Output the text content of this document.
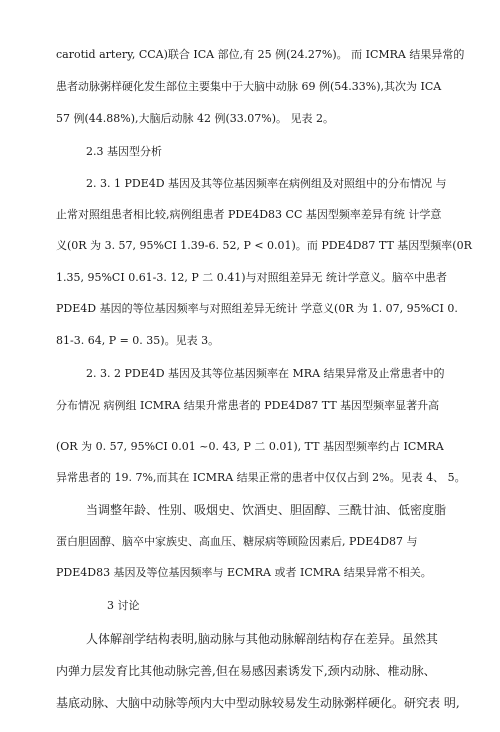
carotid artery, CCA)联合 ICA 部位,有 25 例(24.27%)。 而 ICMRA 结果异常的
患者动脉粥样硬化发生部位主要集中于大脑中动脉 69 例(54.33%),其次为 ICA
57 例(44.88%),大脑后动脉 42 例(33.07%)。 见表 2。
2.3 基因型分析
2. 3. 1 PDE4D 基因及其等位基因频率在病例组及对照组中的分布情况 与
止常对照组患者相比较,病例组患者 PDE4D83 CC 基因型频率差异有统 计学意
义(0R 为 3. 57, 95%CI 1.39-6. 52, P < 0.01)。而 PDE4D87 TT 基因型频率(0R
1.35, 95%CI 0.61-3. 12, P 二 0.41)与对照组差异无 统计学意义。脑卒中患者
PDE4D 基因的等位基因频率与对照组差异无统计 学意义(0R 为 1. 07, 95%CI 0.
81-3. 64, P = 0. 35)。见表 3。
2. 3. 2 PDE4D 基因及其等位基因频率在 MRA 结果异常及止常患者中的
分布情况 病例组 ICMRA 结果升常患者的 PDE4D87 TT 基因型频率显著升高
(OR 为 0. 57, 95%CI 0.01 ~0. 43, P 二 0.01), TT 基因型频率约占 ICMRA
异常患者的 19. 7%,而其在 ICMRA 结果正常的患者中仅仅占到 2%。见表 4、 5。
当调整年龄、性别、吸烟史、饮酒史、胆固醇、三酰廿油、低密度脂
蛋白胆固醇、脑卒中家族史、高血压、糖尿病等顾险因素后, PDE4D87 与
PDE4D83 基因及等位基因频率与 ECMRA 或者 ICMRA 结果异常不相关。
3 讨论
人体解剖学结构表明,脑动脉与其他动脉解剖结构存在差异。虽然其
内弹力层发育比其他动脉完善,但在易感因素诱发下,颈内动脉、椎动脉、
基底动脉、大脑中动脉等颅内大中型动脉较易发生动脉粥样硬化。研究表 明,
